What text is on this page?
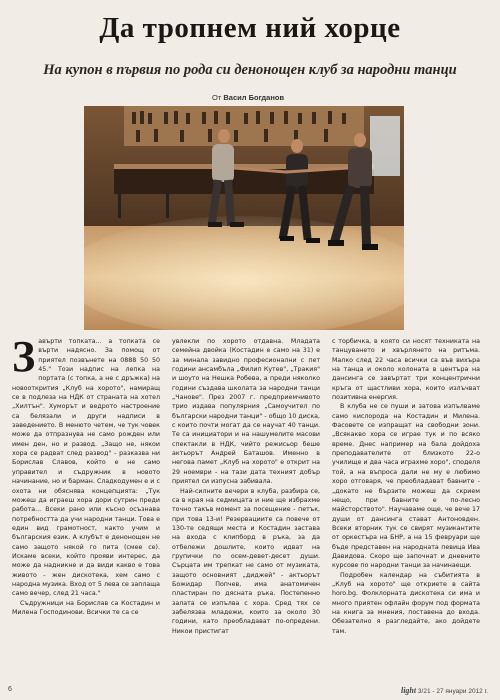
Да тропнем ний хорце
На купон в първия по рода си денонощен клуб за народни танци
От Васил Богданов
З авърти топката... а топката се върти надясно. За помощ от приятел позвънете на 0888 50 50 45." Този надпис на лепка на портата (с топка, а не с дръжка) на новооткрития „Клуб на хорото", намиращ се в подлеза на НДК от страната на хотел „Хилтън". Хуморът и ведрото настроение са белязали и други надписи в заведението. В менюто четем, че тук човек може да отпразнува не само рожден или имен ден, но и развод. „Защо не, някои хора се радват след развод" - разказва ни Борислав Славов, който е не само управител и съдружник в новото начинание, но и барман. Сладкодумен е и с охота ни обяснява концепцията: „Тук можеш да играеш хора дори сутрин преди работа... Всеки рано или късно осъзнава потребността да учи народни танци. Това е един вид грамотност, както учим и българския език. А клубът е денонощен не само защото някой го пита (смее се). Искаме всеки, който прояви интерес, да може да надникне и да види какво е това живото - жен дискотека, хем само с народна музика. Вход от 5 лева се заплаща само вечер, след 21 часа."

Съдружници на Борислав са Костадин и Милена Господинови. Всички те са се

увлекли по хорото отдавна. Младата семейна двойка (Костадин е само на 31) е за минала завидно професионални с пет години ансамбъла „Филип Кутев", „Тракия" и шоуто на Нешка Робева, а преди няколко години създава школата за народни танци „Чанове". През 2007 г. предприемчивото трио издава популярния „Самоучител по български народни танци" - общо 10 диска, с които почти могат да се научат 40 танци. Те са инициатори и на нашумелите масови спектакли в НДК, чийто режисьор беше актьорът Андрей Баташов. Именно в негова памет „Клуб на хорото" е открит на 29 ноември - на тази дата техният добър приятел си изпусна забивала.

Най-силните вечери в клуба, разбира се, са в края на седмицата и ние ще избрахме точно такъв момент за посещение - петък, при това 13-и! Резервациите са повече от 130-те седящи места и Костадин застава на входа с клипборд в ръка, за да отбележи дошлите, които идват на групички по осем-девет-десет души. Сърцата им трепкат не само от музиката, защото основният „диджей" - актьорът Божидар Попчев, има анатомичен пластиран по дясната ръка. Постепенно залата се изпълва с хора. Сред тях се забелязва младежи, които за около 30 години, като преобладават по-опредени. Никои пристигат

с торбичка, в която си носят техниката на танцуването и хвърлянето на ритъма. Малко след 22 часа всички са във вихъра на танца и около колоната в центъра на дансинга се завъртат три концентрични кръга от щастливи хора, които излъчват позитивна енергия.

В клуба не се пуши и затова изпълваме само кислорода на Костадин и Милена. Фасовете се изпращат на свободни зони. „Всякакво хора се играе тук и по всяко време. Днес например на бала дойдоха преподавателите от близкото 22-о училище и два часа играхме хоро", споделя той, а на въпроса дали не му е любимо хоро отговаря, че преобладават бавните - „докато не бързите можеш да скрием нещо, при бавните е по-лесно майсторството". Научаваме още, че вече 17 души от дансинга стават Антоновден. Всеки вторник тук се свирят музикантите от оркестъра на БНР, а на 15 февруари ще бъде представен на народната певица Ива Давидова. Скоро ще започнат и дневните курсове по народни танци за начинаещи.

Подробен календар на събитията в „Клуб на хорото" ще откриете в сайта horo.bg. Фолклорната дискотека си има и много приятен офлайн форум под формата на книга за мнения, поставена до входа. Обезателно я разгледайте, ако дойдете там.

6	light 3/21 - 27 януари 2012 г.
